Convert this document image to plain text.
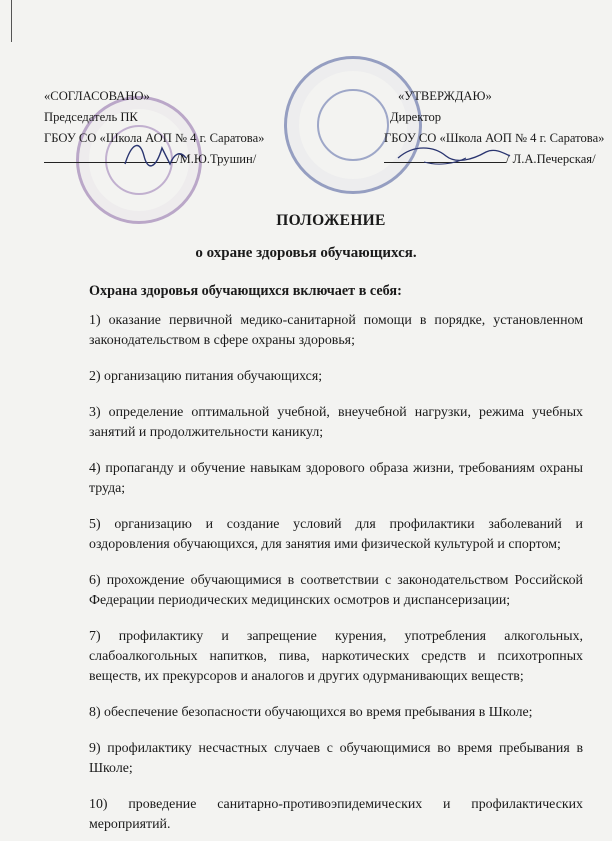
«СОГЛАСОВАНО»
Председатель ПК
ГБОУ СО «Школа АОП № 4 г. Саратова»
/М.Ю.Трушин/
«УТВЕРЖДАЮ»
Директор
ГБОУ СО «Школа АОП № 4 г. Саратова»
/ Л.А.Печерская/
ПОЛОЖЕНИЕ
о охране здоровья обучающихся.
Охрана здоровья обучающихся включает в себя:

1) оказание первичной медико-санитарной помощи в порядке, установленном законодательством в сфере охраны здоровья;

2) организацию питания обучающихся;

3) определение оптимальной учебной, внеучебной нагрузки, режима учебных занятий и продолжительности каникул;

4) пропаганду и обучение навыкам здорового образа жизни, требованиям охраны труда;

5) организацию и создание условий для профилактики заболеваний и оздоровления обучающихся, для занятия ими физической культурой и спортом;

6) прохождение обучающимися в соответствии с законодательством Российской Федерации периодических медицинских осмотров и диспансеризации;

7) профилактику и запрещение курения, употребления алкогольных, слабоалкогольных напитков, пива, наркотических средств и психотропных веществ, их прекурсоров и аналогов и других одурманивающих веществ;

8) обеспечение безопасности обучающихся во время пребывания в Школе;

9) профилактику несчастных случаев с обучающимися во время пребывания в Школе;

10) проведение санитарно-противоэпидемических и профилактических мероприятий.
